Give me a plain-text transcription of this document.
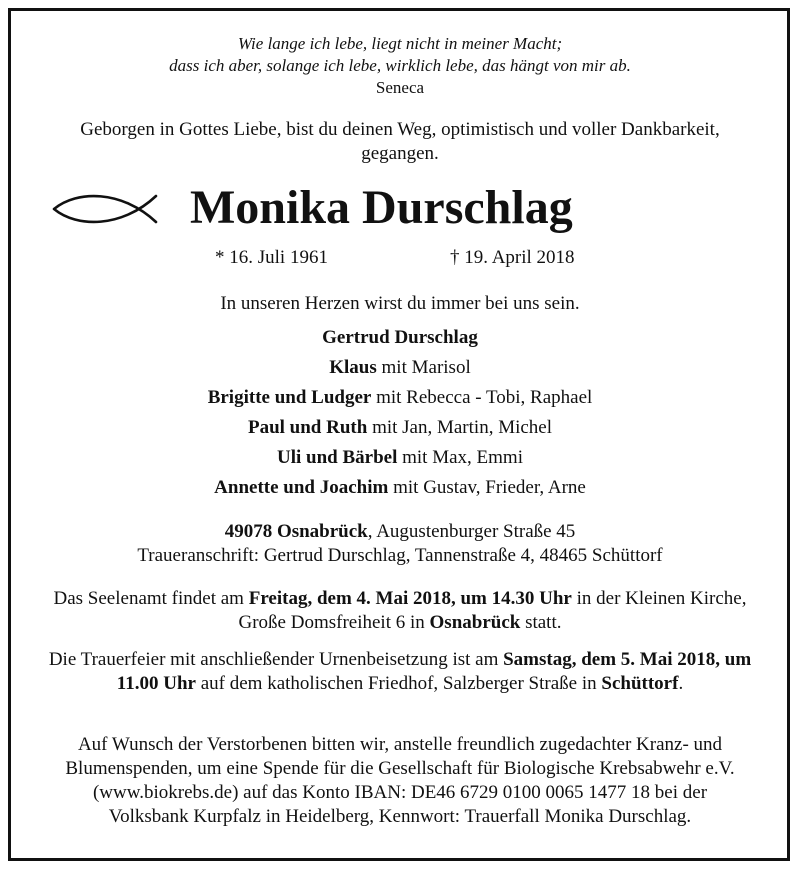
Wie lange ich lebe, liegt nicht in meiner Macht;
dass ich aber, solange ich lebe, wirklich lebe, das hängt von mir ab.
Seneca
Geborgen in Gottes Liebe, bist du deinen Weg, optimistisch und voller Dankbarkeit, gegangen.
Monika Durschlag
* 16. Juli 1961	† 19. April 2018
In unseren Herzen wirst du immer bei uns sein.
Gertrud Durschlag
Klaus mit Marisol
Brigitte und Ludger mit Rebecca - Tobi, Raphael
Paul und Ruth mit Jan, Martin, Michel
Uli und Bärbel mit Max, Emmi
Annette und Joachim mit Gustav, Frieder, Arne
49078 Osnabrück, Augustenburger Straße 45
Traueranschrift: Gertrud Durschlag, Tannenstraße 4, 48465 Schüttorf
Das Seelenamt findet am Freitag, dem 4. Mai 2018, um 14.30 Uhr in der Kleinen Kirche, Große Domsfreiheit 6 in Osnabrück statt.
Die Trauerfeier mit anschließender Urnenbeisetzung ist am Samstag, dem 5. Mai 2018, um 11.00 Uhr auf dem katholischen Friedhof, Salzberger Straße in Schüttorf.
Auf Wunsch der Verstorbenen bitten wir, anstelle freundlich zugedachter Kranz- und Blumenspenden, um eine Spende für die Gesellschaft für Biologische Krebsabwehr e.V. (www.biokrebs.de) auf das Konto IBAN: DE46 6729 0100 0065 1477 18 bei der Volksbank Kurpfalz in Heidelberg, Kennwort: Trauerfall Monika Durschlag.
